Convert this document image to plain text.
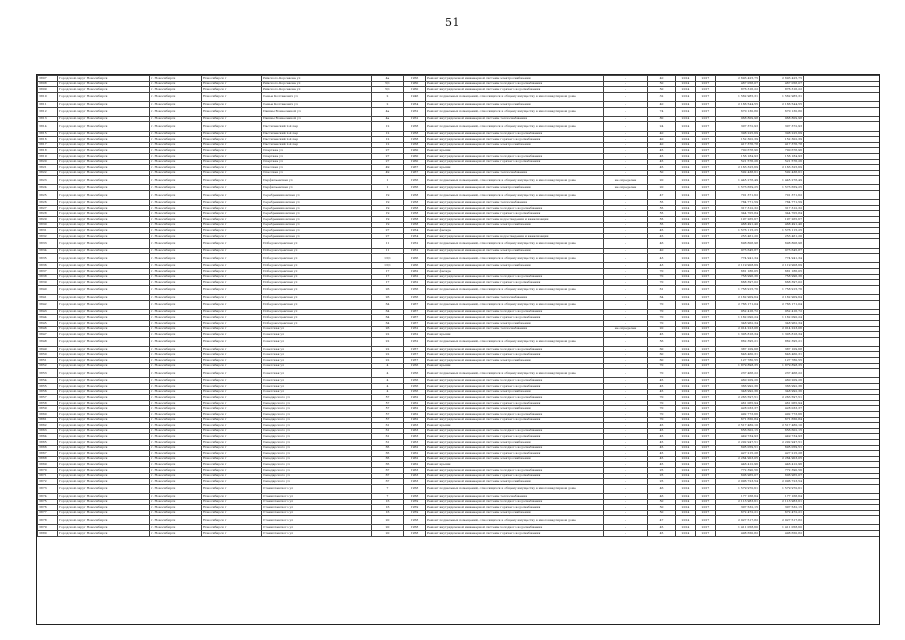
51
3807	Городской округ Новосибирск	г. Новосибирск	Новосибирск г	Римского-Корсакова ул	4а	1956	Ремонт внутридомовой инженерной системы электроснабжения	-	40	2014	2017	2 693 425,75	2 693 425,75	
3808	Городской округ Новосибирск	г. Новосибирск	Новосибирск г	Римского-Корсакова ул	5/1	1960	Ремонт внутридомовой инженерной системы холодного водоснабжения	-	50	2014	2017	467 058,07	467 058,07	
3809	Городской округ Новосибирск	г. Новосибирск	Новосибирск г	Римского-Корсакова ул	5/1	1960	Ремонт внутридомовой инженерной системы горячего водоснабжения	-	50	2014	2017	876 316,22	876 316,22	
3810	Городской округ Новосибирск	г. Новосибирск	Новосибирск г	Сеньы Колтанович ул	2	1946	Ремонт подвальных помещений, относящихся к общему имуществу в многоквартирном доме	-	32	2014	2017	1 562 985,31	1 562 985,31	
3811	Городской округ Новосибирск	г. Новосибирск	Новосибирск г	Сеньы Колтанович ул	2	1954	Ремонт внутридомовой инженерной системы электроснабжения	-	40	2014	2017	2 166 544,55	2 166 544,55	
3812	Городской округ Новосибирск	г. Новосибирск	Новосибирск г	Пашны Вознесенкой ул	4а	1952	Ремонт подвальных помещений, относящихся к общему имуществу в многоквартирном доме	-	74	2014	2017	670 130,80	670 130,80	
3813	Городской округ Новосибирск	г. Новосибирск	Новосибирск г	Пашны Вознесенкой ул	4а	1952	Ремонт внутридомовой инженерной системы теплоснабжения	-	80	2014	2017	968 809,98	968 809,98	
3814	Городской округ Новосибирск	г. Новосибирск	Новосибирск г	Пастилевский 2-й пер	12	1958	Ремонт подвальных помещений, относящихся к общему имуществу в многоквартирном доме	-	24	2014	2017	307 372,93	307 372,93	
3815	Городской округ Новосибирск	г. Новосибирск	Новосибирск г	Пастилевский 2-й пер	12	1958	Ремонт внутридомовой инженерной системы холодного водоснабжения	-	40	2014	2017	398 225,69	398 225,69	
3816	Городской округ Новосибирск	г. Новосибирск	Новосибирск г	Пастилевский 2-й пер	12	1958	Ремонт внутридомовой инженерной системы горячего водоснабжения	-	40	2014	2017	152 302,39	152 302,39	
3817	Городской округ Новосибирск	г. Новосибирск	Новосибирск г	Пастилевский 2-й пер	12	1958	Ремонт внутридомовой инженерной системы электроснабжения	-	40	2014	2017	417 376,78	417 376,78	
3818	Городской округ Новосибирск	г. Новосибирск	Новосибирск г	Спартака ул	27	1960	Ремонт крыши	-	45	2014	2017	700 678,96	700 678,96	
3819	Городской округ Новосибирск	г. Новосибирск	Новосибирск г	Спартака ул	27	1960	Ремонт внутридомовой инженерной системы холодного водоснабжения	-	45	2014	2017	156 184,93	156 184,93	
3820	Городской округ Новосибирск	г. Новосибирск	Новосибирск г	Спартака ул	27	1960	Ремонт внутридомовой инженерной системы горячего водоснабжения	-	45	2014	2017	521 576,26	521 576,26	
3821	Городской округ Новосибирск	г. Новосибирск	Новосибирск г	Спасская ул	49	1967	Ремонт крыши	-	45	2014	2017	2 163 325,69	2 163 325,69	
3822	Городской округ Новосибирск	г. Новосибирск	Новосибирск г	Спасская ул	49	1967	Ремонт внутридомовой инженерной системы теплоснабжения	-	50	2014	2017	592 438,61	592 438,61	
3823	Городской округ Новосибирск	г. Новосибирск	Новосибирск г	Перфильевская ул	1	1956	Ремонт подвальных помещений, относящихся к общему имуществу в многоквартирном доме	не определен	20	2014	2017	1 445 276,49	1 445 276,49	
3824	Городской округ Новосибирск	г. Новосибирск	Новосибирск г	Перфильевская ул	1	1956	Ремонт внутридомовой инженерной системы электроснабжения	не определен	20	2014	2017	1 573 659,25	1 573 659,25	
3825	Городской округ Новосибирск	г. Новосибирск	Новосибирск г	Серебренниковская ул	19	1958	Ремонт подвальных помещений, относящихся к общему имуществу в многоквартирном доме	-	47	2014	2017	701 371,62	701 371,62	
3826	Городской округ Новосибирск	г. Новосибирск	Новосибирск г	Серебренниковская ул	19	1958	Ремонт внутридомовой инженерной системы теплоснабжения	-	55	2014	2017	784 771,59	784 771,59	
3827	Городской округ Новосибирск	г. Новосибирск	Новосибирск г	Серебренниковская ул	19	1958	Ремонт внутридомовой инженерной системы холодного водоснабжения	-	55	2014	2017	317 312,32	317 312,32	
3828	Городской округ Новосибирск	г. Новосибирск	Новосибирск г	Серебренниковская ул	19	1958	Ремонт внутридомовой инженерной системы горячего водоснабжения	-	55	2014	2017	344 705,84	344 705,84	
3829	Городской округ Новосибирск	г. Новосибирск	Новосибирск г	Серебренниковская ул	19	1958	Ремонт внутридомовой инженерной системы водоотведения и канализации	-	55	2014	2017	197 265,67	197 265,67	
3830	Городской округ Новосибирск	г. Новосибирск	Новосибирск г	Серебренниковская ул	19	1958	Ремонт внутридомовой инженерной системы электроснабжения	-	55	2014	2017	468 491,40	468 491,40	
3831	Городской округ Новосибирск	г. Новосибирск	Новосибирск г	Серебренниковская ул	27	1954	Ремонт фасада	-	45	2014	2017	1 576 115,25	1 576 115,25	
3832	Городской округ Новосибирск	г. Новосибирск	Новосибирск г	Серебренниковская ул	27	1954	Ремонт внутридомовой инженерной системы водоотведения и канализации	-	45	2014	2017	253 461,20	253 461,20	
3833	Городской округ Новосибирск	г. Новосибирск	Новосибирск г	Победоносцевская ул	11	1952	Ремонт подвальных помещений, относящихся к общему имуществу в многоквартирном доме	-	46	2014	2017	698 808,98	698 808,98	
3834	Городской округ Новосибирск	г. Новосибирск	Новосибирск г	Победоносцевская ул	11	1952	Ремонт внутридомовой инженерной системы электроснабжения	-	40	2014	2017	973 645,87	973 645,87	
3835	Городской округ Новосибирск	г. Новосибирск	Новосибирск г	Победоносцевская ул	13/1	1966	Ремонт подвальных помещений, относящихся к общему имуществу в многоквартирном доме	-	43	2014	2017	774 941,34	774 941,34	
3836	Городской округ Новосибирск	г. Новосибирск	Новосибирск г	Победоносцевская ул	13/1	1966	Ремонт внутридомовой инженерной системы электроснабжения	-	43	2014	2017	2 119 908,69	2 119 908,69	
3837	Городской округ Новосибирск	г. Новосибирск	Новосибирск г	Победоносцевская ул	17	1962	Ремонт фасада	-	70	2014	2017	681 186,05	681 186,05	
3838	Городской округ Новосибирск	г. Новосибирск	Новосибирск г	Победоносцевская ул	17	1962	Ремонт внутридомовой инженерной системы холодного водоснабжения	-	70	2014	2017	758 996,36	758 996,36	
3839	Городской округ Новосибирск	г. Новосибирск	Новосибирск г	Победоносцевская ул	17	1962	Ремонт внутридомовой инженерной системы горячего водоснабжения	-	70	2014	2017	668 397,02	668 397,02	
3840	Городской округ Новосибирск	г. Новосибирск	Новосибирск г	Победоносцевская ул	26	1956	Ремонт подвальных помещений, относящихся к общему имуществу в многоквартирном доме	-	61	2014	2017	1 758 915,76	1 758 915,76	
3841	Городской округ Новосибирск	г. Новосибирск	Новосибирск г	Победоносцевская ул	26	1956	Ремонт внутридомовой инженерной системы теплоснабжения	-	64	2014	2017	2 162 909,64	2 162 909,64	
3842	Городской округ Новосибирск	г. Новосибирск	Новосибирск г	Победоносцевская ул	64	1967	Ремонт подвальных помещений, относящихся к общему имуществу в многоквартирном доме	-	70	2014	2017	2 766 171,04	2 766 171,04	
3843	Городской округ Новосибирск	г. Новосибирск	Новосибирск г	Победоносцевская ул	64	1967	Ремонт внутридомовой инженерной системы холодного водоснабжения	-	70	2014	2017	952 416,72	952 416,72	
3844	Городской округ Новосибирск	г. Новосибирск	Новосибирск г	Победоносцевская ул	64	1967	Ремонт внутридомовой инженерной системы горячего водоснабжения	-	70	2014	2017	1 162 090,24	1 162 090,24	
3845	Городской округ Новосибирск	г. Новосибирск	Новосибирск г	Победоносцевская ул	64	1967	Ремонт внутридомовой инженерной системы электроснабжения	-	70	2014	2017	348 962,34	348 962,34	
3846	Городской округ Новосибирск	г. Новосибирск	Новосибирск г	Советская ул	26	1952	Ремонт внутридомовой инженерной системы теплоснабжения	не определен	20	2014	2017	2 014 223,06	2 014 223,06	
3847	Городской округ Новосибирск	г. Новосибирск	Новосибирск г	Советская ул	22	1952	Ремонт крыши	-	45	2014	2017	1 305 816,34	1 305 816,34	
3848	Городской округ Новосибирск	г. Новосибирск	Новосибирск г	Советская ул	22	1952	Ремонт подвальных помещений, относящихся к общему имуществу в многоквартирном доме	-	56	2014	2017	862 395,21	862 395,21	
3849	Городской округ Новосибирск	г. Новосибирск	Новосибирск г	Советская ул	22	1957	Ремонт внутридомовой инженерной системы холодного водоснабжения	-	60	2014	2017	387 109,68	387 109,68	
3850	Городской округ Новосибирск	г. Новосибирск	Новосибирск г	Советская ул	22	1957	Ремонт внутридомовой инженерной системы горячего водоснабжения	-	60	2014	2017	646 460,31	646 460,31	
3851	Городской округ Новосибирск	г. Новосибирск	Новосибирск г	Советская ул	22	1957	Ремонт внутридомовой инженерной системы электроснабжения	-	60	2014	2017	127 780,55	127 780,55	
3852	Городской округ Новосибирск	г. Новосибирск	Новосибирск г	Советская ул	4	1956	Ремонт крыши	-	70	2014	2017	1 879 898,35	1 879 898,35	
3853	Городской округ Новосибирск	г. Новосибирск	Новосибирск г	Советская ул	4	1956	Ремонт подвальных помещений, относящихся к общему имуществу в многоквартирном доме	-	70	2014	2017	237 468,22	237 468,22	
3854	Городской округ Новосибирск	г. Новосибирск	Новосибирск г	Советская ул	4	1956	Ремонт внутридомовой инженерной системы холодного водоснабжения	-	45	2014	2017	460 209,26	460 209,26	
3855	Городской округ Новосибирск	г. Новосибирск	Новосибирск г	Советская ул	4	1956	Ремонт внутридомовой инженерной системы горячего водоснабжения	-	45	2014	2017	366 992,36	366 992,36	
3856	Городской округ Новосибирск	г. Новосибирск	Новосибирск г	Советская ул	4	1956	Ремонт внутридомовой инженерной системы электроснабжения	-	45	2014	2017	348 992,36	348 992,36	
3857	Городской округ Новосибирск	г. Новосибирск	Новосибирск г	Сакедарского ул	57	1962	Ремонт внутридомовой инженерной системы холодного водоснабжения	-	70	2014	2017	2 263 597,51	2 263 597,51	
3858	Городской округ Новосибирск	г. Новосибирск	Новосибирск г	Сакедарского ул	57	1962	Ремонт внутридомовой инженерной системы горячего водоснабжения	-	70	2014	2017	461 065,94	461 065,94	
3859	Городской округ Новосибирск	г. Новосибирск	Новосибирск г	Сакедарского ул	57	1962	Ремонт внутридомовой инженерной системы электроснабжения	-	70	2014	2017	428 033,37	428 033,37	
3860	Городской округ Новосибирск	г. Новосибирск	Новосибирск г	Сакедарского ул	57	1962	Ремонт внутридомовой инженерной системы холодного водоснабжения	-	70	2014	2017	492 773,66	492 773,66	
3861	Городской округ Новосибирск	г. Новосибирск	Новосибирск г	Сакедарского ул	57	1962	Ремонт внутридомовой инженерной системы горячего водоснабжения	-	70	2014	2017	671 650,84	671 650,84	
3862	Городской округ Новосибирск	г. Новосибирск	Новосибирск г	Сакедарского ул	61	1963	Ремонт крыши	-	45	2014	2017	2 517 480,10	2 517 480,10	
3863	Городской округ Новосибирск	г. Новосибирск	Новосибирск г	Сакедарского ул	61	1963	Ремонт внутридомовой инженерной системы холодного водоснабжения	-	45	2014	2017	656 602,15	656 602,15	
3864	Городской округ Новосибирск	г. Новосибирск	Новосибирск г	Сакедарского ул	61	1963	Ремонт внутридомовой инженерной системы горячего водоснабжения	-	45	2014	2017	449 734,93	449 734,93	
3865	Городской округ Новосибирск	г. Новосибирск	Новосибирск г	Сакедарского ул	61	1963	Ремонт внутридомовой инженерной системы электроснабжения	-	45	2014	2017	2 292 947,51	2 292 947,51	
3866	Городской округ Новосибирск	г. Новосибирск	Новосибирск г	Сакедарского ул	65	1962	Ремонт внутридомовой инженерной системы холодного водоснабжения	-	45	2014	2017	695 059,51	695 059,51	
3867	Городской округ Новосибирск	г. Новосибирск	Новосибирск г	Сакедарского ул	65	1962	Ремонт внутридомовой инженерной системы горячего водоснабжения	-	45	2014	2017	427 215,28	427 215,28	
3868	Городской округ Новосибирск	г. Новосибирск	Новосибирск г	Сакедарского ул	65	1962	Ремонт внутридомовой инженерной системы электроснабжения	-	45	2014	2017	2 264 903,05	2 264 903,05	
3869	Городской округ Новосибирск	г. Новосибирск	Новосибирск г	Сакедарского ул	65	1962	Ремонт крыши	-	45	2014	2017	446 412,96	446 412,96	
3870	Городской округ Новосибирск	г. Новосибирск	Новосибирск г	Сакедарского ул	67	1963	Ремонт внутридомовой инженерной системы холодного водоснабжения	-	25	2014	2017	772 390,56	772 390,56	
3871	Городской округ Новосибирск	г. Новосибирск	Новосибирск г	Сакедарского ул	67	1963	Ремонт внутридомовой инженерной системы горячего водоснабжения	-	25	2014	2017	606 965,07	606 965,07	
3872	Городской округ Новосибирск	г. Новосибирск	Новосибирск г	Сакедарского ул	67	1963	Ремонт внутридомовой инженерной системы электроснабжения	-	25	2014	2017	2 096 723,54	2 096 723,54	
3873	Городской округ Новосибирск	г. Новосибирск	Новосибирск г	Станиславского ул	7	1958	Ремонт подвальных помещений, относящихся к общему имуществу в многоквартирном доме	-	46	2014	2017	1 579 970,61	1 579 970,61	
3874	Городской округ Новосибирск	г. Новосибирск	Новосибирск г	Станиславского ул	7	1958	Ремонт внутридомовой инженерной системы теплоснабжения	-	46	2014	2017	177 168,64	177 168,64	
3875	Городской округ Новосибирск	г. Новосибирск	Новосибирск г	Станиславского ул	16	1959	Ремонт внутридомовой инженерной системы холодного водоснабжения	-	50	2014	2017	2 113 983,61	2 113 983,61	
3876	Городской округ Новосибирск	г. Новосибирск	Новосибирск г	Станиславского ул	16	1959	Ремонт внутридомовой инженерной системы горячего водоснабжения	-	50	2014	2017	307 532,15	307 532,15	
3877	Городской округ Новосибирск	г. Новосибирск	Новосибирск г	Станиславского ул	16	1959	Ремонт внутридомовой инженерной системы электроснабжения	-	50	2014	2017	672 472,21	672 472,21	
3878	Городской округ Новосибирск	г. Новосибирск	Новосибирск г	Станиславского ул	20	1958	Ремонт подвальных помещений, относящихся к общему имуществу в многоквартирном доме	-	47	2014	2017	2 927 517,82	2 927 517,82	
3879	Городской округ Новосибирск	г. Новосибирск	Новосибирск г	Станиславского ул	20	1958	Ремонт внутридомовой инженерной системы холодного водоснабжения	-	45	2014	2017	1 411 058,60	1 411 058,60	
3880	Городской округ Новосибирск	г. Новосибирск	Новосибирск г	Станиславского ул	20	1958	Ремонт внутридомовой инженерной системы горячего водоснабжения	-	45	2014	2017	498 650,82	498 650,82	
